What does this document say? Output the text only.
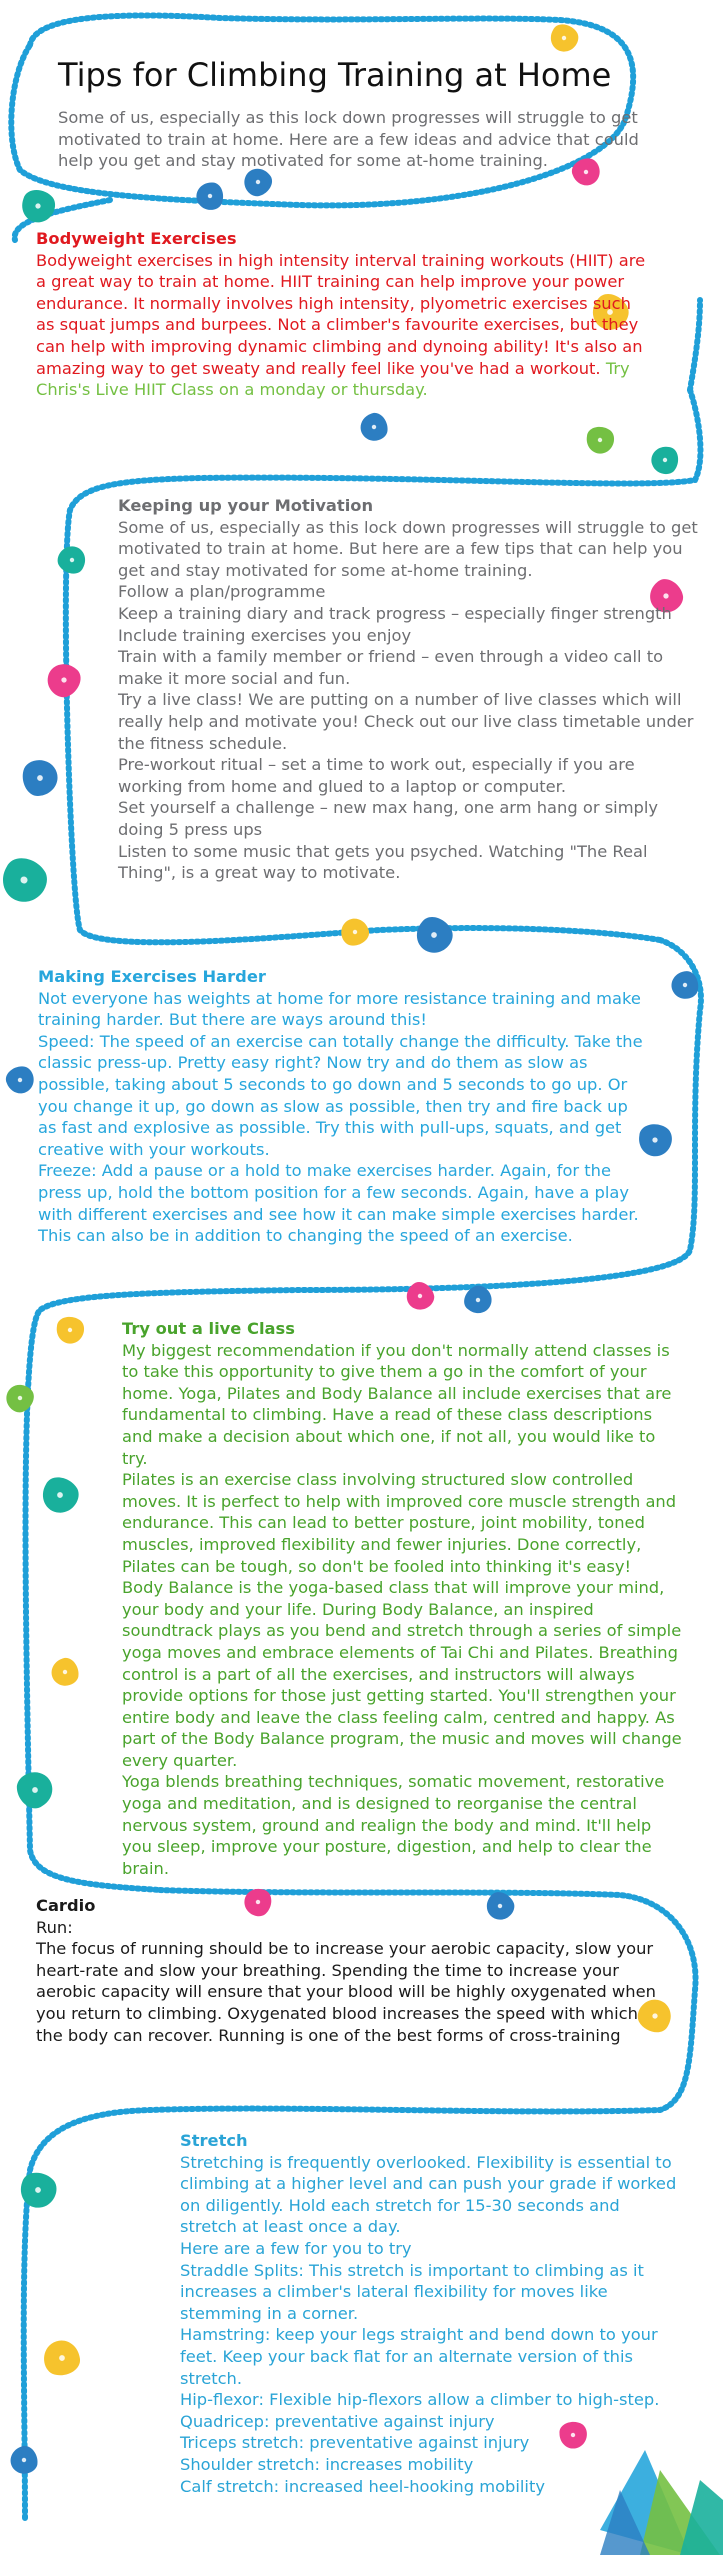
Tips for Climbing Training at Home

Some of us, especially as this lock down progresses will struggle to get motivated to train at home. Here are a few ideas and advice that could help you get and stay motivated for some at-home training.

Bodyweight Exercises

Bodyweight exercises in high intensity interval training workouts (HIIT) are a great way to train at home. HIIT training can help improve your power endurance. It normally involves high intensity, plyometric exercises such as squat jumps and burpees. Not a climber's favourite exercises, but they can help with improving dynamic climbing and dynoing ability! It's also an amazing way to get sweaty and really feel like you've had a workout. Try Chris's Live HIIT Class on a monday or thursday.

Keeping up your Motivation

Some of us, especially as this lock down progresses will struggle to get motivated to train at home. But here are a few tips that can help you get and stay motivated for some at-home training.

Follow a plan/programme

Keep a training diary and track progress – especially finger strength

Include training exercises you enjoy

Train with a family member or friend – even through a video call to make it more social and fun.

Try a live class! We are putting on a number of live classes which will really help and motivate you! Check out our live class timetable under the fitness schedule.

Pre-workout ritual – set a time to work out, especially if you are working from home and glued to a laptop or computer.

Set yourself a challenge – new max hang, one arm hang or simply doing 5 press ups

Listen to some music that gets you psyched. Watching "The Real Thing", is a great way to motivate.

Making Exercises Harder

Not everyone has weights at home for more resistance training and make training harder. But there are ways around this!

Speed: The speed of an exercise can totally change the difficulty. Take the classic press-up. Pretty easy right? Now try and do them as slow as possible, taking about 5 seconds to go down and 5 seconds to go up. Or you change it up, go down as slow as possible, then try and fire back up as fast and explosive as possible. Try this with pull-ups, squats, and get creative with your workouts.

Freeze: Add a pause or a hold to make exercises harder. Again, for the press up, hold the bottom position for a few seconds. Again, have a play with different exercises and see how it can make simple exercises harder. This can also be in addition to changing the speed of an exercise.

Try out a live Class

My biggest recommendation if you don't normally attend classes is to take this opportunity to give them a go in the comfort of your home. Yoga, Pilates and Body Balance all include exercises that are fundamental to climbing. Have a read of these class descriptions and make a decision about which one, if not all, you would like to try.

Pilates is an exercise class involving structured slow controlled moves. It is perfect to help with improved core muscle strength and endurance. This can lead to better posture, joint mobility, toned muscles, improved flexibility and fewer injuries. Done correctly, Pilates can be tough, so don't be fooled into thinking it's easy!

Body Balance is the yoga-based class that will improve your mind, your body and your life. During Body Balance, an inspired soundtrack plays as you bend and stretch through a series of simple yoga moves and embrace elements of Tai Chi and Pilates. Breathing control is a part of all the exercises, and instructors will always provide options for those just getting started. You'll strengthen your entire body and leave the class feeling calm, centred and happy. As part of the Body Balance program, the music and moves will change every quarter.

Yoga blends breathing techniques, somatic movement, restorative yoga and meditation, and is designed to reorganise the central nervous system, ground and realign the body and mind. It'll help you sleep, improve your posture, digestion, and help to clear the brain.

Cardio

Run:

The focus of running should be to increase your aerobic capacity, slow your heart-rate and slow your breathing. Spending the time to increase your aerobic capacity will ensure that your blood will be highly oxygenated when you return to climbing. Oxygenated blood increases the speed with which the body can recover. Running is one of the best forms of cross-training

Stretch

Stretching is frequently overlooked. Flexibility is essential to climbing at a higher level and can push your grade if worked on diligently. Hold each stretch for 15-30 seconds and stretch at least once a day.

Here are a few for you to try

Straddle Splits: This stretch is important to climbing as it increases a climber's lateral flexibility for moves like stemming in a corner.

Hamstring: keep your legs straight and bend down to your feet. Keep your back flat for an alternate version of this stretch.

Hip-flexor: Flexible hip-flexors allow a climber to high-step.

Quadricep: preventative against injury

Triceps stretch: preventative against injury

Shoulder stretch: increases mobility

Calf stretch: increased heel-hooking mobility
